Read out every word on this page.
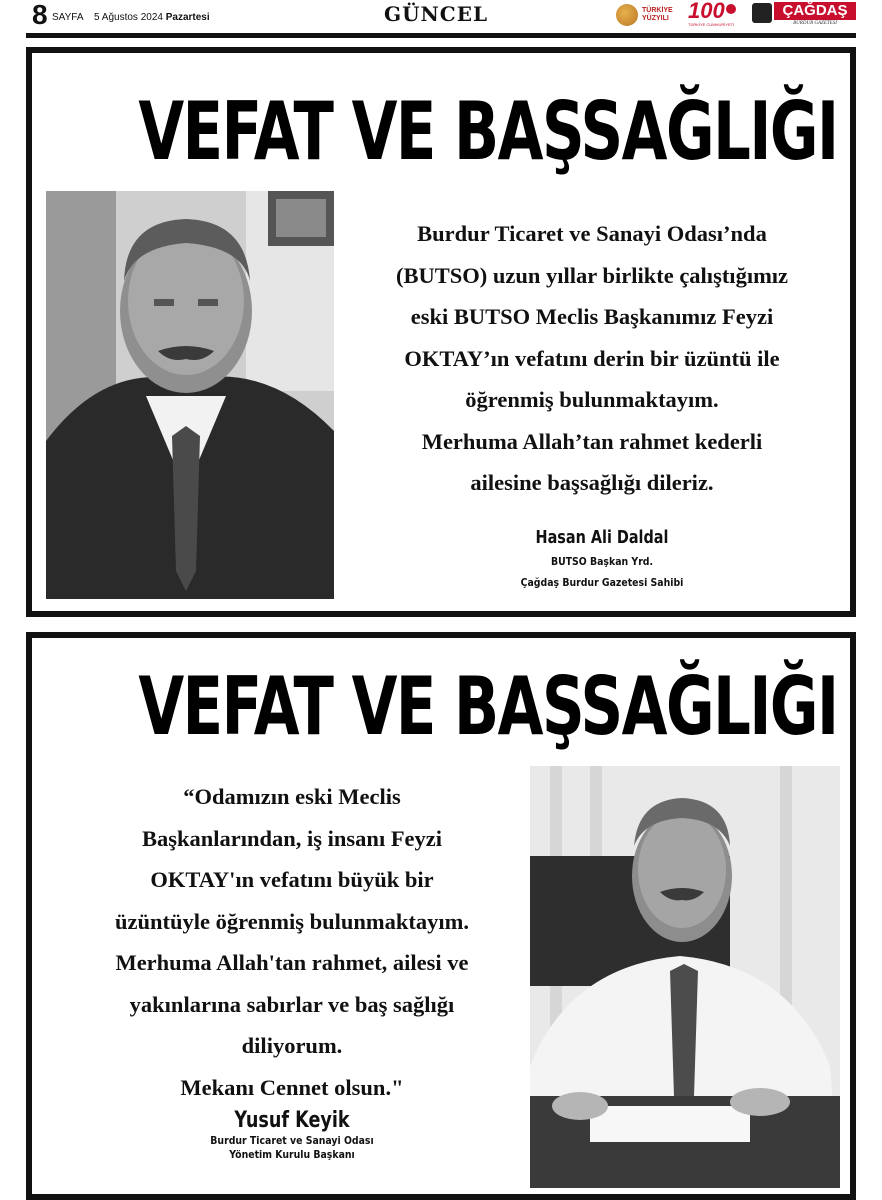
8 SAYFA 5 Ağustos 2024 Pazartesi	GÜNCEL	TÜRKİYE
YÜZYILI 100
TÜRKİYE CUMHURİYETİ
ÇAĞDAŞ
BURDUR GAZETESİ
VEFAT VE BAŞSAĞLIĞI

Burdur Ticaret ve Sanayi Odası’nda

(BUTSO) uzun yıllar birlikte çalıştığımız

eski BUTSO Meclis Başkanımız Feyzi

OKTAY’ın vefatını derin bir üzüntü ile

öğrenmiş bulunmaktayım.

Merhuma Allah’tan rahmet kederli

ailesine başsağlığı dileriz.

Hasan Ali Daldal
BUTSO Başkan Yrd.
Çağdaş Burdur Gazetesi Sahibi
VEFAT VE BAŞSAĞLIĞI

“Odamızın eski Meclis

Başkanlarından, iş insanı Feyzi

OKTAY'ın vefatını büyük bir

üzüntüyle öğrenmiş bulunmaktayım.

Merhuma Allah'tan rahmet, ailesi ve

yakınlarına sabırlar ve baş sağlığı

diliyorum.

Mekanı Cennet olsun."

Yusuf Keyik
Burdur Ticaret ve Sanayi Odası
Yönetim Kurulu Başkanı
